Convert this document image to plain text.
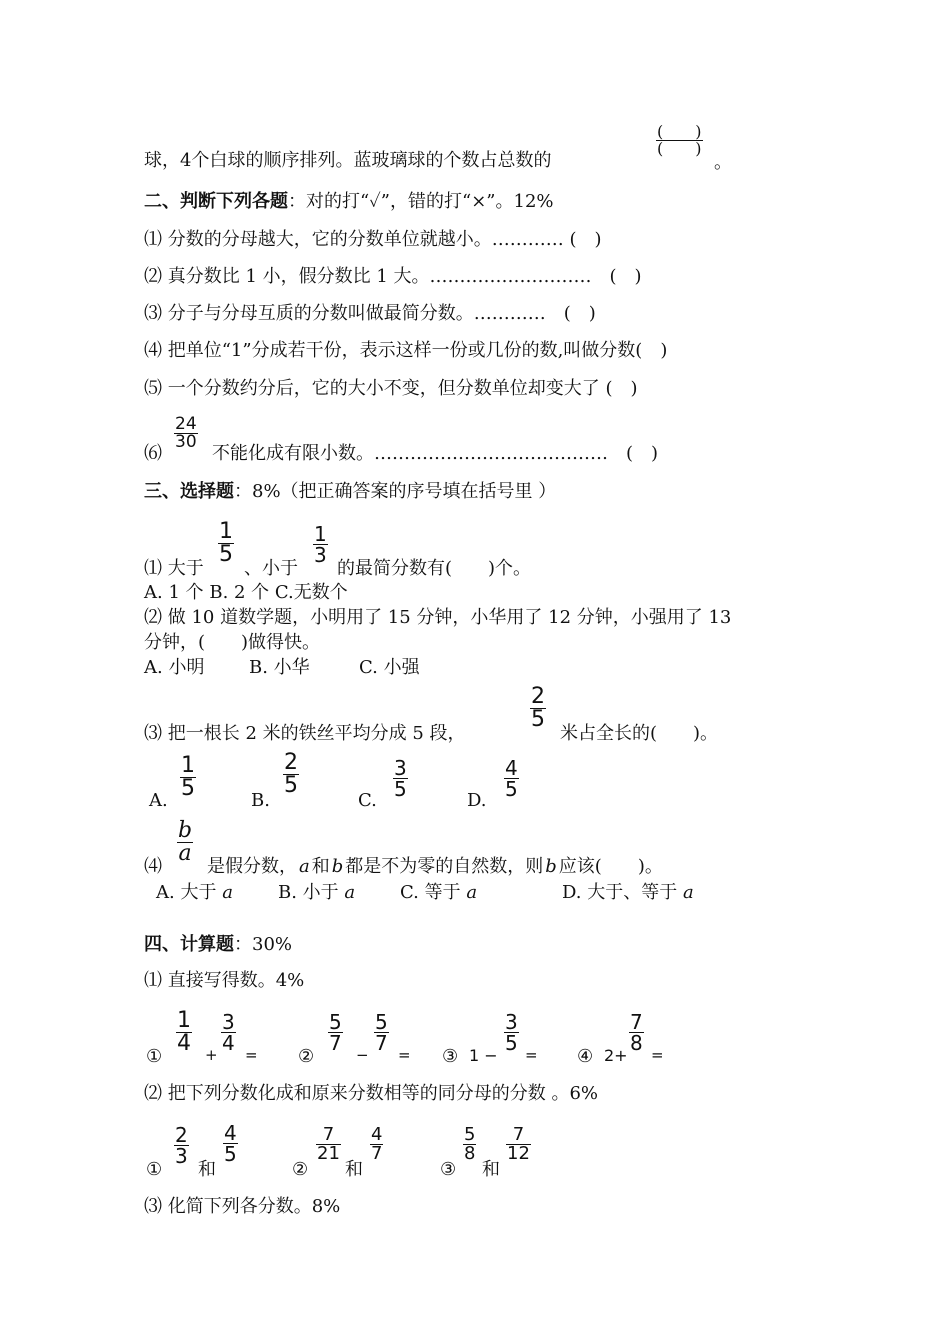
球，4个白球的顺序排列。蓝玻璃球的个数占总数的
(　　)
(　　)
。
二、判断下列各题：对的打“✓”，错的打“×”。12%
⑴ 分数的分母越大，它的分数单位就越小。………… (　)
⑵ 真分数比 1 小，假分数比 1 大。………………………　(　)
⑶ 分子与分母互质的分数叫做最简分数。…………　(　)
⑷ 把单位“1”分成若干份，表示这样一份或几份的数,叫做分数(　)
⑸ 一个分数约分后，它的大小不变，但分数单位却变大了 (　)
⑹
24
30
不能化成有限小数。…………………………………　(　)
三、选择题：8%（把正确答案的序号填在括号里 ）
⑴ 大于
1
5
、小于
1
3
的最简分数有(　　)个。
A. 1 个 B. 2 个 C.无数个
⑵ 做 10 道数学题，小明用了 15 分钟，小华用了 12 分钟，小强用了 13
分钟，(　　)做得快。
A. 小明 B. 小华	C. 小强
⑶ 把一根长 2 米的铁丝平均分成 5 段，
2
5
米占全长的(　　)。
A.
1
5	B.
2
5
C.
3
5	D.
4
5
⑷
b
a
是假分数， a 和 b 都是不为零的自然数，则 b 应该(　　)。
A. 大于 a	B. 小于 a C. 等于 a	D. 大于、等于 a
四、计算题：30%
⑴ 直接写得数。4%
①
1
4 +
3
4 = ②
5
7 −
5
7 = ③ 1 −
3
5 = ④ 2+
7
8 =
⑵ 把下列分数化成和原来分数相等的同分母的分数 。6%
①
2
3
和
4
5
②
7
21
和
4
7
③
5
8
和
7
12
⑶ 化简下列各分数。8%
